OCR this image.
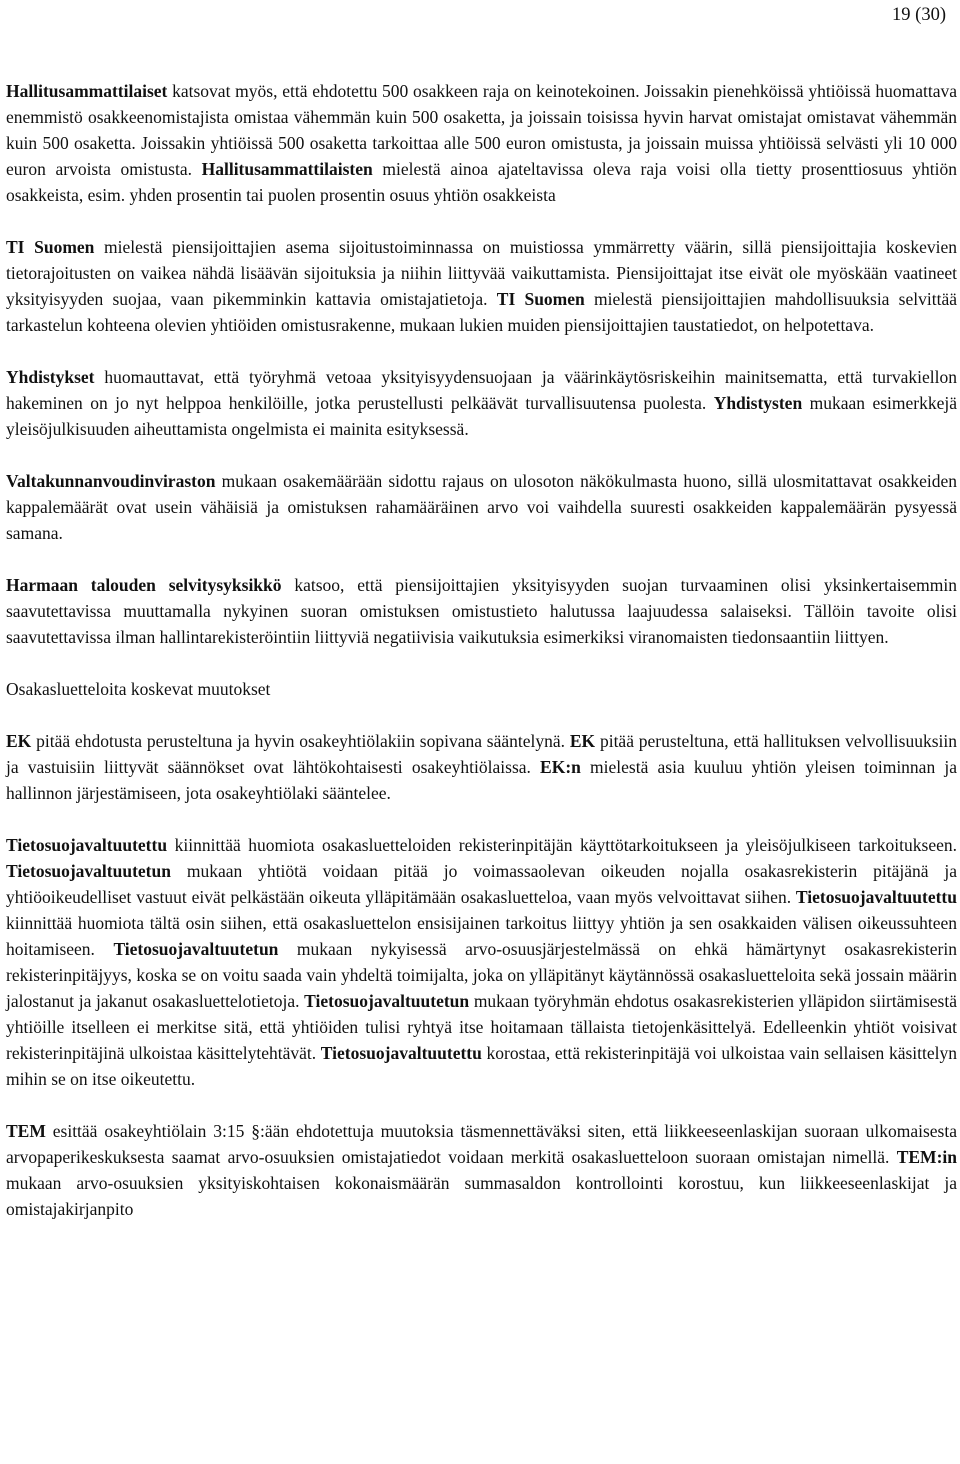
19 (30)

Hallitusammattilaiset katsovat myös, että ehdotettu 500 osakkeen raja on keinotekoinen. Joissakin pienehköissä yhtiöissä huomattava enemmistö osakkeenomistajista omistaa vähemmän kuin 500 osaketta, ja joissain toisissa hyvin harvat omistajat omistavat vähemmän kuin 500 osaketta. Joissakin yhtiöissä 500 osaketta tarkoittaa alle 500 euron omistusta, ja joissain muissa yhtiöissä selvästi yli 10 000 euron arvoista omistusta. Hallitusammattilaisten mielestä ainoa ajateltavissa oleva raja voisi olla tietty prosenttiosuus yhtiön osakkeista, esim. yhden prosentin tai puolen prosentin osuus yhtiön osakkeista

TI Suomen mielestä piensijoittajien asema sijoitustoiminnassa on muistiossa ymmärretty väärin, sillä piensijoittajia koskevien tietorajoitusten on vaikea nähdä lisäävän sijoituksia ja niihin liittyvää vaikuttamista. Piensijoittajat itse eivät ole myöskään vaatineet yksityisyyden suojaa, vaan pikemminkin kattavia omistajatietoja. TI Suomen mielestä piensijoittajien mahdollisuuksia selvittää tarkastelun kohteena olevien yhtiöiden omistusrakenne, mukaan lukien muiden piensijoittajien taustatiedot, on helpotettava.

Yhdistykset huomauttavat, että työryhmä vetoaa yksityisyydensuojaan ja väärinkäytösriskeihin mainitsematta, että turvakiellon hakeminen on jo nyt helppoa henkilöille, jotka perustellusti pelkäävät turvallisuutensa puolesta. Yhdistysten mukaan esimerkkejä yleisöjulkisuuden aiheuttamista ongelmista ei mainita esityksessä.

Valtakunnanvoudinviraston mukaan osakemäärään sidottu rajaus on ulosoton näkökulmasta huono, sillä ulosmitattavat osakkeiden kappalemäärät ovat usein vähäisiä ja omistuksen rahamääräinen arvo voi vaihdella suuresti osakkeiden kappalemäärän pysyessä samana.

Harmaan talouden selvitysyksikkö katsoo, että piensijoittajien yksityisyyden suojan turvaaminen olisi yksinkertaisemmin saavutettavissa muuttamalla nykyinen suoran omistuksen omistustieto halutussa laajuudessa salaiseksi. Tällöin tavoite olisi saavutettavissa ilman hallintarekisteröintiin liittyviä negatiivisia vaikutuksia esimerkiksi viranomaisten tiedonsaantiin liittyen.

Osakasluetteloita koskevat muutokset

EK pitää ehdotusta perusteltuna ja hyvin osakeyhtiölakiin sopivana sääntelynä. EK pitää perusteltuna, että hallituksen velvollisuuksiin ja vastuisiin liittyvät säännökset ovat lähtökohtaisesti osakeyhtiölaissa. EK:n mielestä asia kuuluu yhtiön yleisen toiminnan ja hallinnon järjestämiseen, jota osakeyhtiölaki sääntelee.

Tietosuojavaltuutettu kiinnittää huomiota osakasluetteloiden rekisterinpitäjän käyttötarkoitukseen ja yleisöjulkiseen tarkoitukseen. Tietosuojavaltuutetun mukaan yhtiötä voidaan pitää jo voimassaolevan oikeuden nojalla osakasrekisterin pitäjänä ja yhtiöoikeudelliset vastuut eivät pelkästään oikeuta ylläpitämään osakasluetteloa, vaan myös velvoittavat siihen. Tietosuojavaltuutettu kiinnittää huomiota tältä osin siihen, että osakasluettelon ensisijainen tarkoitus liittyy yhtiön ja sen osakkaiden välisen oikeussuhteen hoitamiseen. Tietosuojavaltuutetun mukaan nykyisessä arvo-osuusjärjestelmässä on ehkä hämärtynyt osakasrekisterin rekisterinpitäjyys, koska se on voitu saada vain yhdeltä toimijalta, joka on ylläpitänyt käytännössä osakasluetteloita sekä jossain määrin jalostanut ja jakanut osakasluettelotietoja. Tietosuojavaltuutetun mukaan työryhmän ehdotus osakasrekisterien ylläpidon siirtämisestä yhtiöille itselleen ei merkitse sitä, että yhtiöiden tulisi ryhtyä itse hoitamaan tällaista tietojenkäsittelyä. Edelleenkin yhtiöt voisivat rekisterinpitäjinä ulkoistaa käsittelytehtävät. Tietosuojavaltuutettu korostaa, että rekisterinpitäjä voi ulkoistaa vain sellaisen käsittelyn mihin se on itse oikeutettu.

TEM esittää osakeyhtiölain 3:15 §:ään ehdotettuja muutoksia täsmennettäväksi siten, että liikkeeseenlaskijan suoraan ulkomaisesta arvopaperikeskuksesta saamat arvo-osuuksien omistajatiedot voidaan merkitä osakasluetteloon suoraan omistajan nimellä. TEM:in mukaan arvo-osuuksien yksityiskohtaisen kokonaismäärän summasaldon kontrollointi korostuu, kun liikkeeseenlaskijat ja omistajakirjanpito
